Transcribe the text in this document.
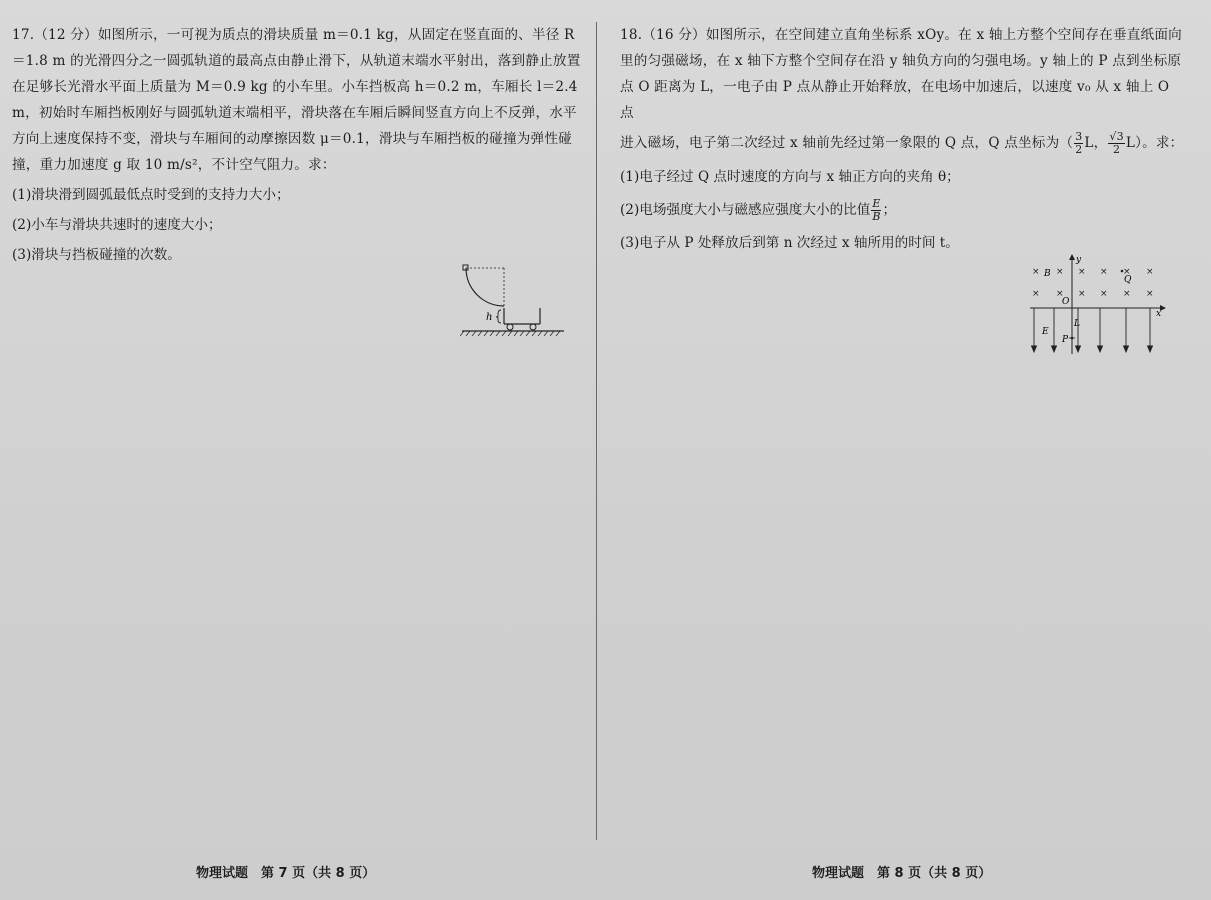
17.（12 分）如图所示，一可视为质点的滑块质量 m＝0.1 kg，从固定在竖直面的、半径 R＝1.8 m 的光滑四分之一圆弧轨道的最高点由静止滑下，从轨道末端水平射出，落到静止放置在足够长光滑水平面上质量为 M＝0.9 kg 的小车里。小车挡板高 h＝0.2 m，车厢长 l＝2.4 m，初始时车厢挡板刚好与圆弧轨道末端相平，滑块落在车厢后瞬间竖直方向上不反弹，水平方向上速度保持不变，滑块与车厢间的动摩擦因数 μ＝0.1，滑块与车厢挡板的碰撞为弹性碰撞，重力加速度 g 取 10 m/s²，不计空气阻力。求：

(1)滑块滑到圆弧最低点时受到的支持力大小；

(2)小车与滑块共速时的速度大小；

(3)滑块与挡板碰撞的次数。

h

18.（16 分）如图所示，在空间建立直角坐标系 xOy。在 x 轴上方整个空间存在垂直纸面向里的匀强磁场，在 x 轴下方整个空间存在沿 y 轴负方向的匀强电场。y 轴上的 P 点到坐标原点 O 距离为 L，一电子由 P 点从静止开始释放，在电场中加速后，以速度 v₀ 从 x 轴上 O 点

进入磁场，电子第二次经过 x 轴前先经过第一象限的 Q 点，Q 点坐标为（ $\frac{3}{2}$ L， $\frac{√3}{2} L$）。求：

(1)电子经过 Q 点时速度的方向与 x 轴正方向的夹角 θ；

(2)电场强度大小与磁感应强度大小的比值 $\frac{E}{B}$ ；

(3)电子从 P 处释放后到第 n 次经过 x 轴所用的时间 t。

y
x
O
× × × × × ×
× × × × × ×
B
Q
E
L
P
物理试题　第 7 页（共 8 页）	物理试题　第 8 页（共 8 页）
